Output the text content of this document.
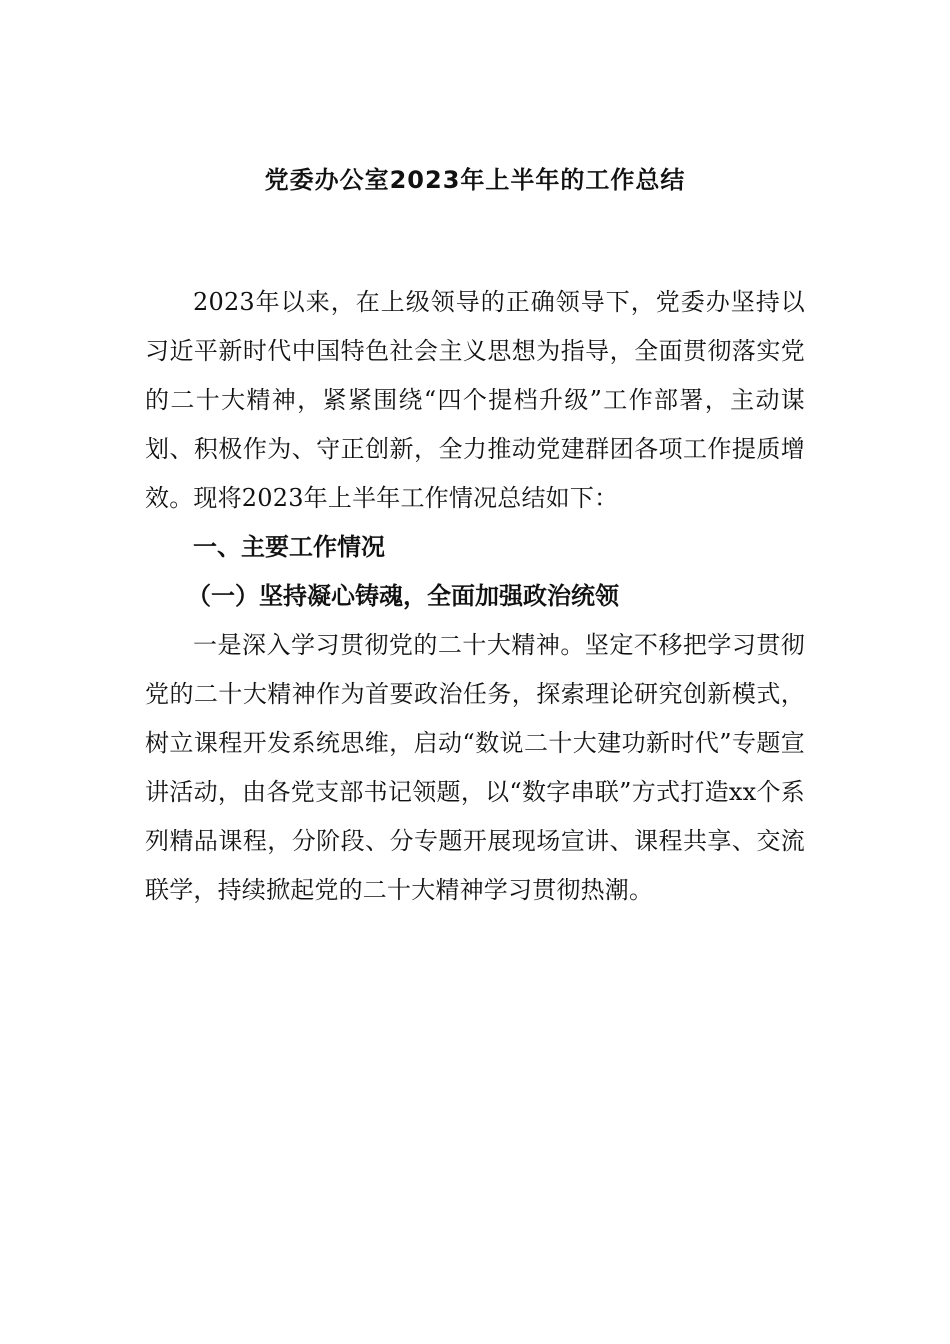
党委办公室2023年上半年的工作总结

2023年以来，在上级领导的正确领导下，党委办坚持以习近平新时代中国特色社会主义思想为指导，全面贯彻落实党的二十大精神，紧紧围绕“四个提档升级”工作部署，主动谋划、积极作为、守正创新，全力推动党建群团各项工作提质增效。现将2023年上半年工作情况总结如下：

一、主要工作情况

（一）坚持凝心铸魂，全面加强政治统领

一是深入学习贯彻党的二十大精神。坚定不移把学习贯彻党的二十大精神作为首要政治任务，探索理论研究创新模式，树立课程开发系统思维，启动“数说二十大建功新时代”专题宣讲活动，由各党支部书记领题，以“数字串联”方式打造xx个系列精品课程，分阶段、分专题开展现场宣讲、课程共享、交流联学，持续掀起党的二十大精神学习贯彻热潮。
